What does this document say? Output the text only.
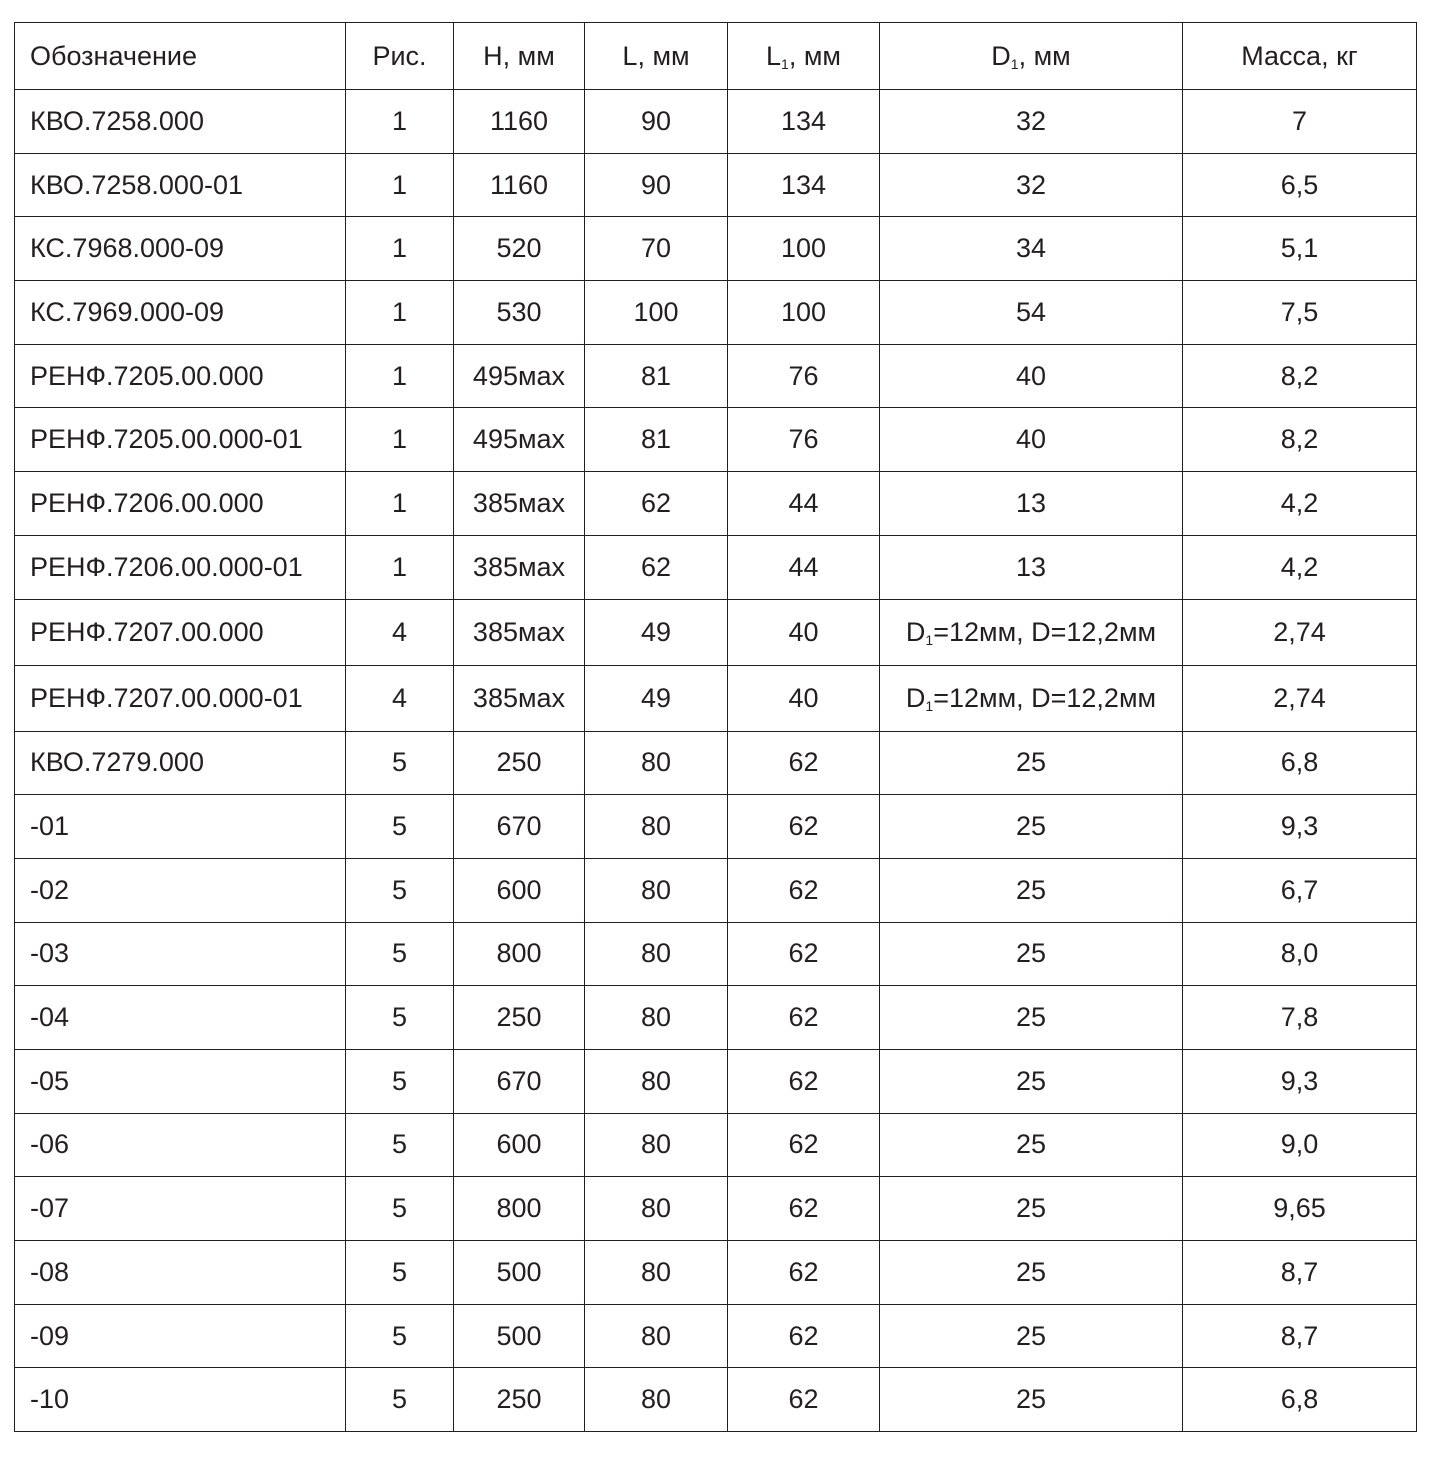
Обозначение	Рис.	Н, мм	L, мм	$L_1$, мм	$D_1$, мм	Масса, кг
КВО.7258.000	1	1160	90	134	32	7
КВО.7258.000-01	1	1160	90	134	32	6,5
КС.7968.000-09	1	520	70	100	34	5,1
КС.7969.000-09	1	530	100	100	54	7,5
РЕНФ.7205.00.000	1	495мах	81	76	40	8,2
РЕНФ.7205.00.000-01	1	495мах	81	76	40	8,2
РЕНФ.7206.00.000	1	385мах	62	44	13	4,2
РЕНФ.7206.00.000-01	1	385мах	62	44	13	4,2
РЕНФ.7207.00.000	4	385мах	49	40	$D_1=12мм$, D=12,2мм	2,74
РЕНФ.7207.00.000-01	4	385мах	49	40	$D_1=12мм$, D=12,2мм	2,74
КВО.7279.000	5	250	80	62	25	6,8
-01	5	670	80	62	25	9,3
-02	5	600	80	62	25	6,7
-03	5	800	80	62	25	8,0
-04	5	250	80	62	25	7,8
-05	5	670	80	62	25	9,3
-06	5	600	80	62	25	9,0
-07	5	800	80	62	25	9,65
-08	5	500	80	62	25	8,7
-09	5	500	80	62	25	8,7
-10	5	250	80	62	25	6,8
